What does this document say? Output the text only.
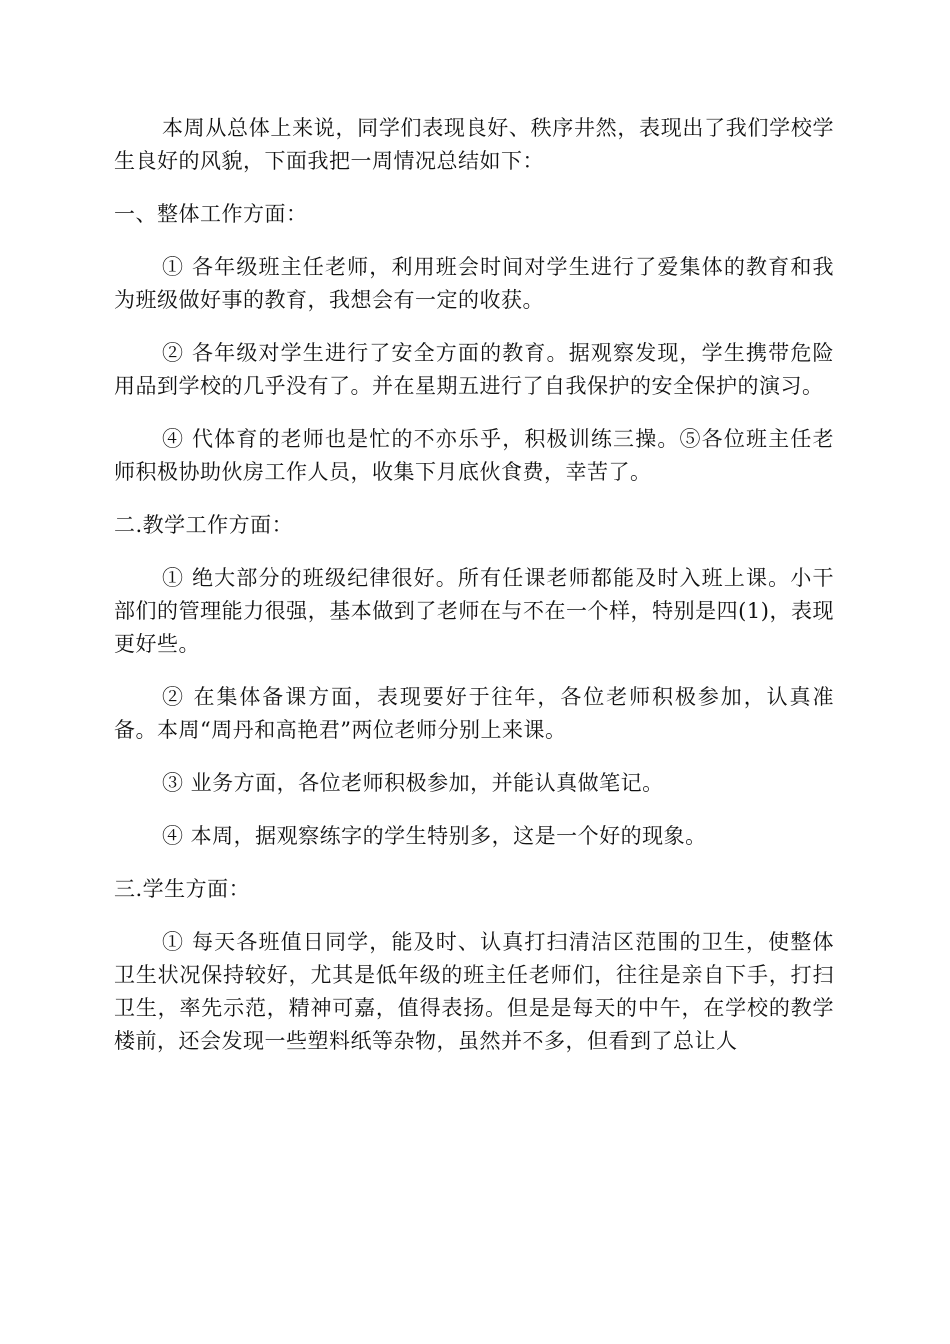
本周从总体上来说，同学们表现良好、秩序井然，表现出了我们学校学生良好的风貌，下面我把一周情况总结如下：

一、整体工作方面：

① 各年级班主任老师，利用班会时间对学生进行了爱集体的教育和我为班级做好事的教育，我想会有一定的收获。

② 各年级对学生进行了安全方面的教育。据观察发现，学生携带危险用品到学校的几乎没有了。并在星期五进行了自我保护的安全保护的演习。

④ 代体育的老师也是忙的不亦乐乎，积极训练三操。⑤各位班主任老师积极协助伙房工作人员，收集下月底伙食费，幸苦了。

二.教学工作方面：

① 绝大部分的班级纪律很好。所有任课老师都能及时入班上课。小干部们的管理能力很强，基本做到了老师在与不在一个样，特别是四(1)，表现更好些。

② 在集体备课方面，表现要好于往年，各位老师积极参加，认真准备。本周“周丹和高艳君”两位老师分别上来课。

③ 业务方面，各位老师积极参加，并能认真做笔记。

④ 本周，据观察练字的学生特别多，这是一个好的现象。

三.学生方面：

① 每天各班值日同学，能及时、认真打扫清洁区范围的卫生，使整体卫生状况保持较好，尤其是低年级的班主任老师们，往往是亲自下手，打扫卫生，率先示范，精神可嘉，值得表扬。但是是每天的中午，在学校的教学楼前，还会发现一些塑料纸等杂物，虽然并不多，但看到了总让人
